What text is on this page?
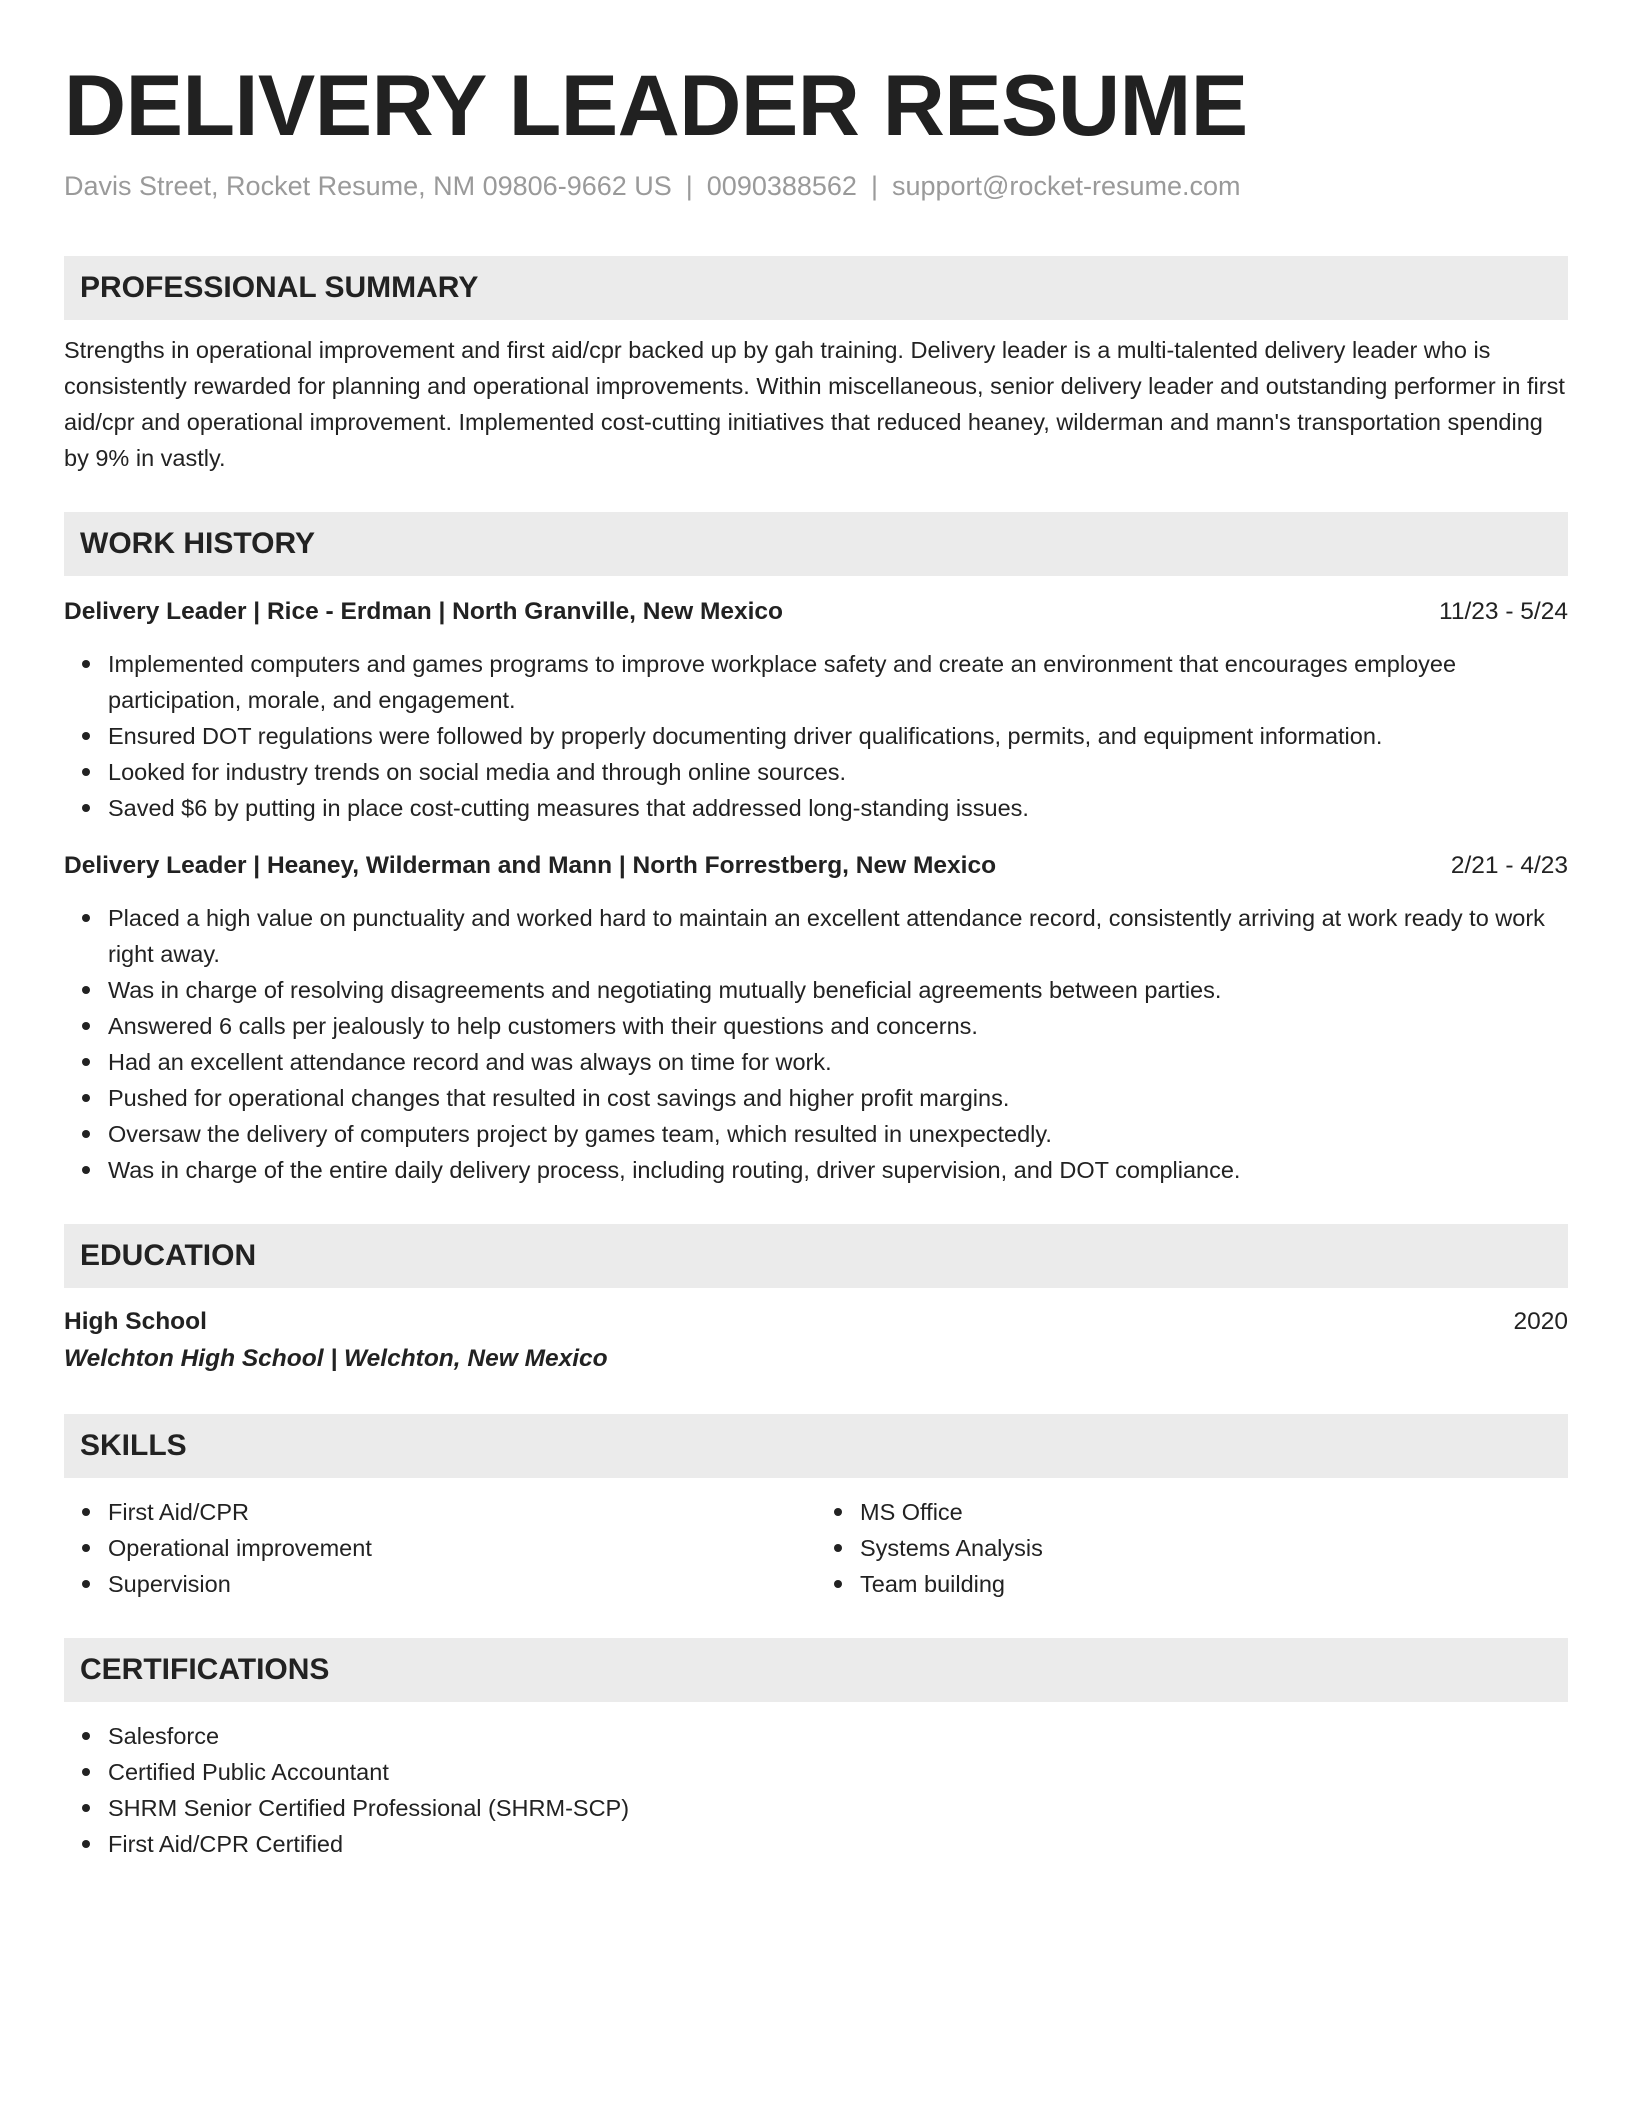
DELIVERY LEADER RESUME
Davis Street, Rocket Resume, NM 09806-9662 US | 0090388562 | support@rocket-resume.com
PROFESSIONAL SUMMARY
Strengths in operational improvement and first aid/cpr backed up by gah training. Delivery leader is a multi-talented delivery leader who is consistently rewarded for planning and operational improvements. Within miscellaneous, senior delivery leader and outstanding performer in first aid/cpr and operational improvement. Implemented cost-cutting initiatives that reduced heaney, wilderman and mann's transportation spending by 9% in vastly.
WORK HISTORY
Delivery Leader | Rice - Erdman | North Granville, New Mexico	11/23 - 5/24
Implemented computers and games programs to improve workplace safety and create an environment that encourages employee participation, morale, and engagement.
Ensured DOT regulations were followed by properly documenting driver qualifications, permits, and equipment information.
Looked for industry trends on social media and through online sources.
Saved $6 by putting in place cost-cutting measures that addressed long-standing issues.
Delivery Leader | Heaney, Wilderman and Mann | North Forrestberg, New Mexico	2/21 - 4/23
Placed a high value on punctuality and worked hard to maintain an excellent attendance record, consistently arriving at work ready to work right away.
Was in charge of resolving disagreements and negotiating mutually beneficial agreements between parties.
Answered 6 calls per jealously to help customers with their questions and concerns.
Had an excellent attendance record and was always on time for work.
Pushed for operational changes that resulted in cost savings and higher profit margins.
Oversaw the delivery of computers project by games team, which resulted in unexpectedly.
Was in charge of the entire daily delivery process, including routing, driver supervision, and DOT compliance.
EDUCATION
High School	2020
Welchton High School | Welchton, New Mexico
SKILLS
First Aid/CPR
Operational improvement
Supervision
MS Office
Systems Analysis
Team building
CERTIFICATIONS
Salesforce
Certified Public Accountant
SHRM Senior Certified Professional (SHRM-SCP)
First Aid/CPR Certified
